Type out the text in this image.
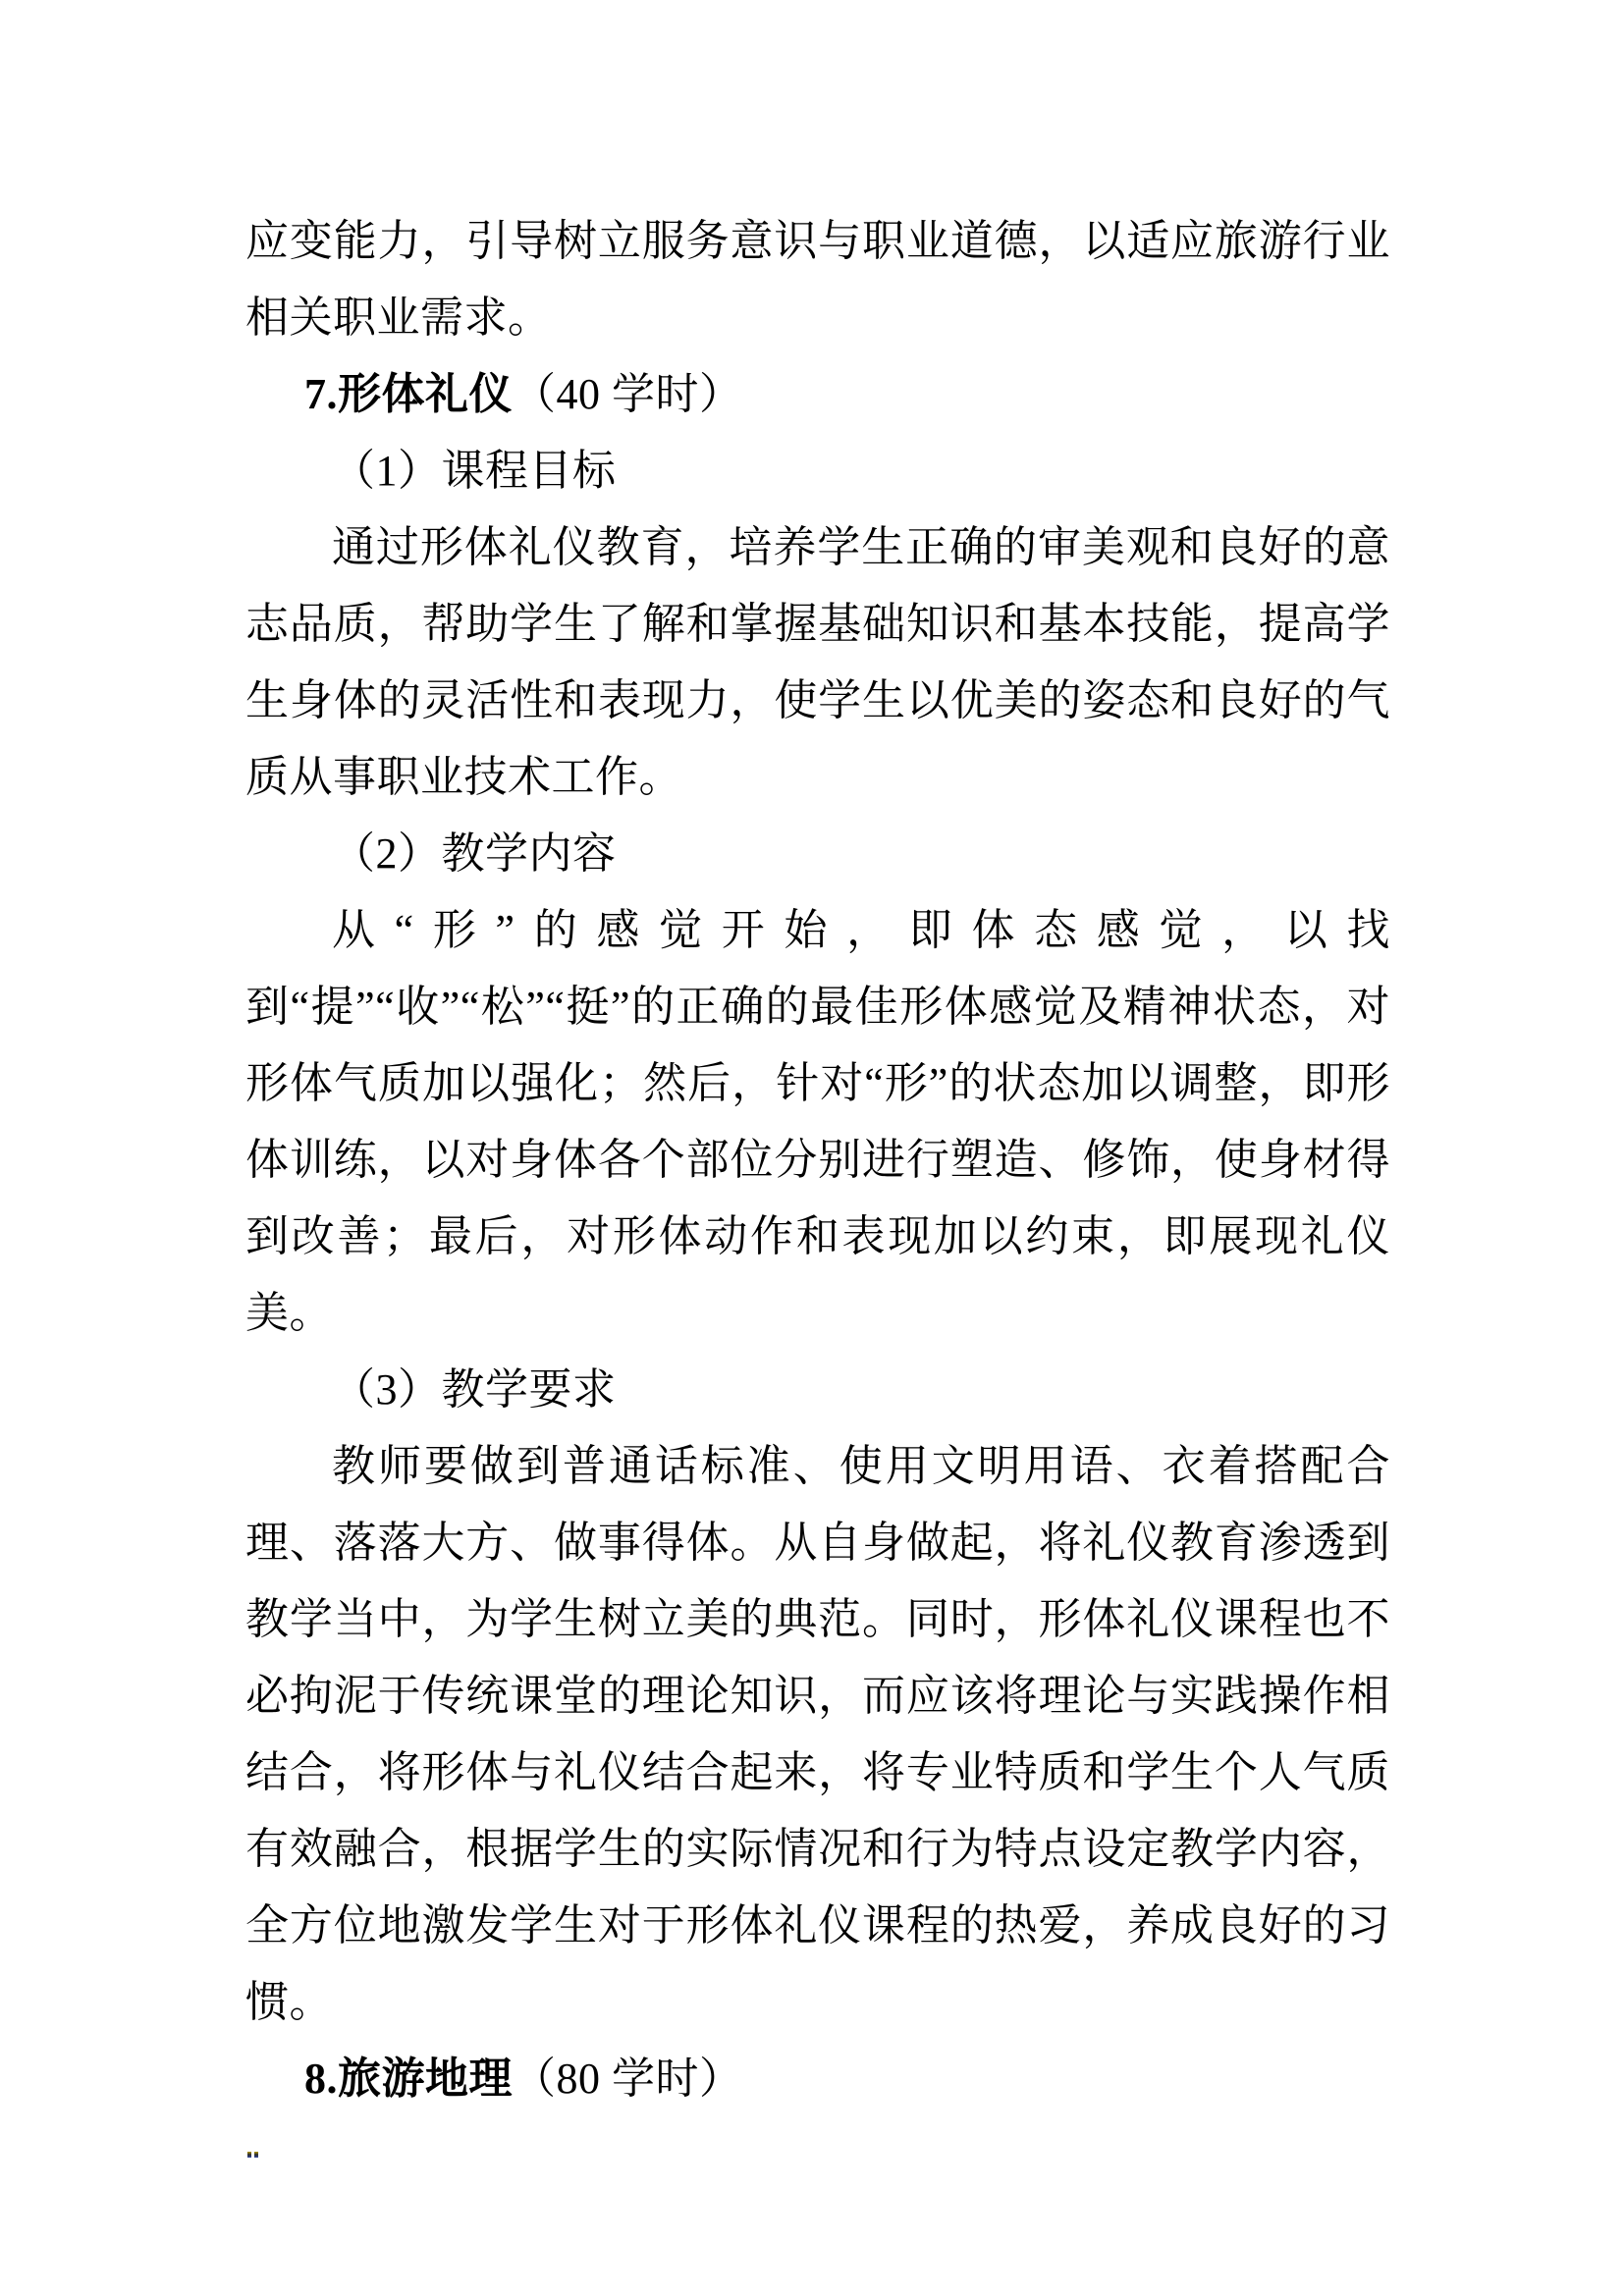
应变能力，引导树立服务意识与职业道德，以适应旅游行业相关职业需求。

7.形体礼仪（40 学时）

（1）课程目标

通过形体礼仪教育，培养学生正确的审美观和良好的意志品质，帮助学生了解和掌握基础知识和基本技能，提高学生身体的灵活性和表现力，使学生以优美的姿态和良好的气质从事职业技术工作。

（2）教学内容

从“形”的感觉开始，即体态感觉，以找到“提”“收”“松”“挺”的正确的最佳形体感觉及精神状态，对形体气质加以强化；然后，针对“形”的状态加以调整，即形体训练，以对身体各个部位分别进行塑造、修饰，使身材得到改善；最后，对形体动作和表现加以约束，即展现礼仪美。

（3）教学要求

教师要做到普通话标准、使用文明用语、衣着搭配合理、落落大方、做事得体。从自身做起，将礼仪教育渗透到教学当中，为学生树立美的典范。同时，形体礼仪课程也不必拘泥于传统课堂的理论知识，而应该将理论与实践操作相结合，将形体与礼仪结合起来，将专业特质和学生个人气质有效融合，根据学生的实际情况和行为特点设定教学内容，全方位地激发学生对于形体礼仪课程的热爱，养成良好的习惯。

8.旅游地理（80 学时）
